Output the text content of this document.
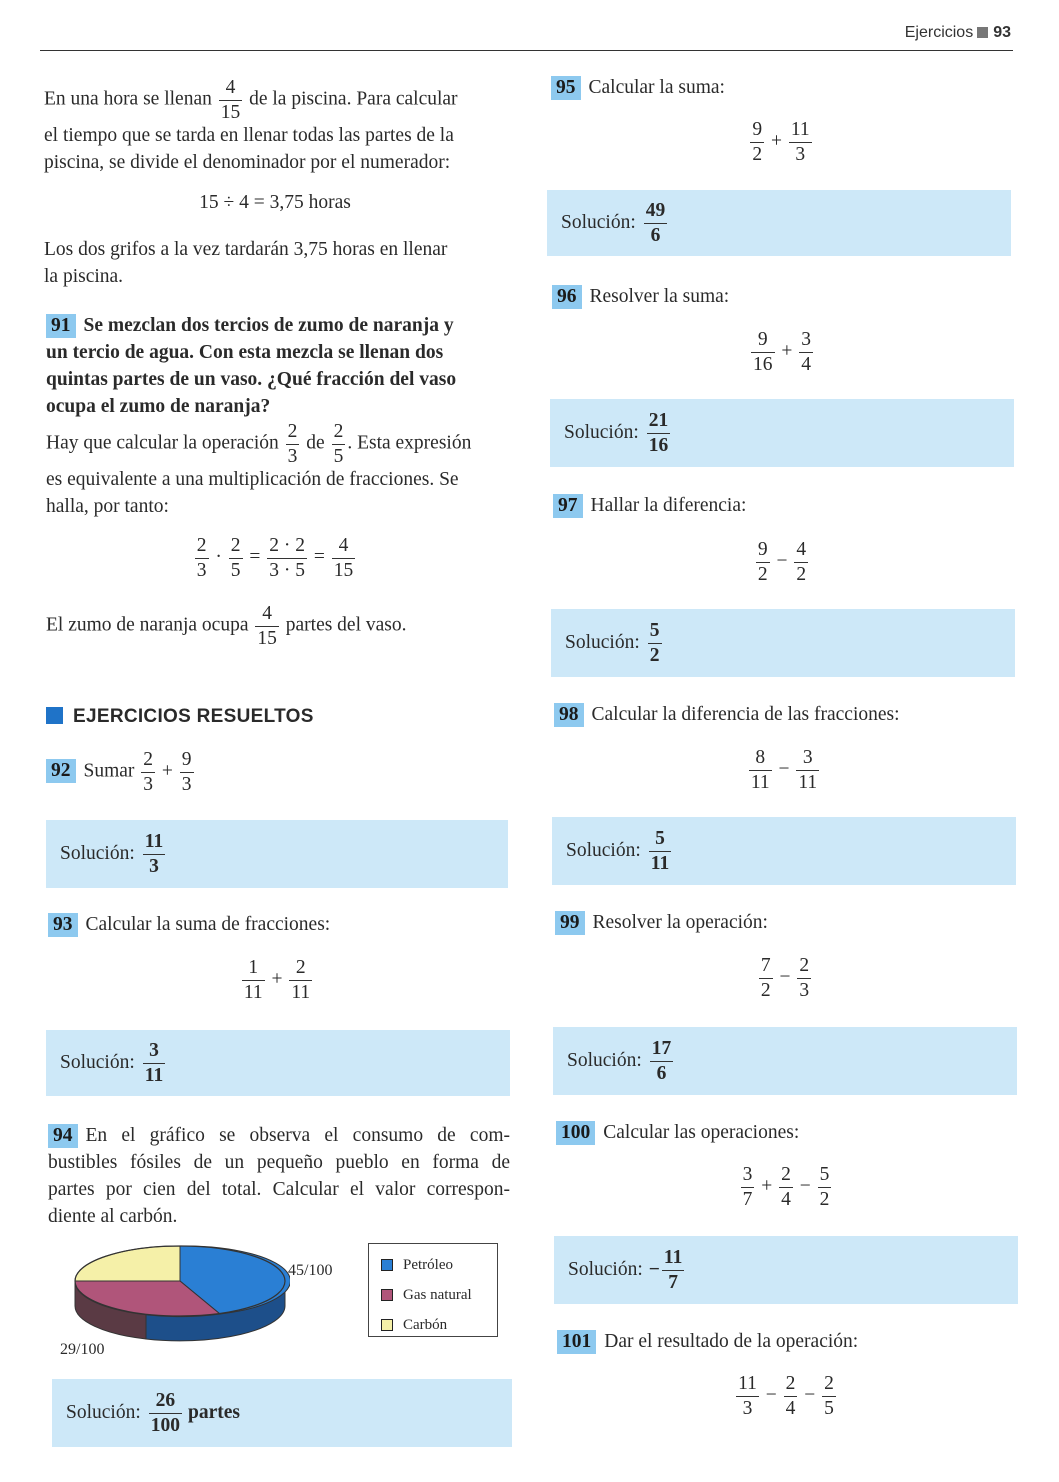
Ejercicios 93
En una hora se llenan $\frac{4}{15}$ de la piscina. Para calcular
el tiempo que se tarda en llenar todas las partes de la
piscina, se divide el denominador por el numerador:
15 ÷ 4 = 3,75 horas
Los dos grifos a la vez tardarán 3,75 horas en llenar
la piscina.
91 Se mezclan dos tercios de zumo de naranja y
un tercio de agua. Con esta mezcla se llenan dos
quintas partes de un vaso. ¿Qué fracción del vaso
ocupa el zumo de naranja?
Hay que calcular la operación $\frac{2}{3}$ de $\frac{2}{5}$ . Esta expresión
es equivalente a una multiplicación de fracciones. Se
halla, por tanto:
$\frac{2}{3} \cdot \frac{2}{5} = \frac{2 \cdot 2}{3 \cdot 5} = \frac{4}{15}$
El zumo de naranja ocupa $\frac{4}{15}$ partes del vaso.
EJERCICIOS RESUELTOS
92 Sumar $\frac{2}{3} + \frac{9}{3}$
Solución: $\frac{11}{3}$
93 Calcular la suma de fracciones:
$\frac{1}{11} + \frac{2}{11}$
Solución: $\frac{3}{11}$
94 En el gráfico se observa el consumo de com-
bustibles fósiles de un pequeño pueblo en forma de
partes por cien del total. Calcular el valor correspon-
diente al carbón.
45/100
29/100
Petróleo
Gas natural
Carbón
Solución: $\frac{26}{100}$ partes
95 Calcular la suma:
$\frac{9}{2} + \frac{11}{3}$
Solución: $\frac{49}{6}$
96 Resolver la suma:
$\frac{9}{16} + \frac{3}{4}$
Solución: $\frac{21}{16}$
97 Hallar la diferencia:
$\frac{9}{2} - \frac{4}{2}$
Solución: $\frac{5}{2}$
98 Calcular la diferencia de las fracciones:
$\frac{8}{11} - \frac{3}{11}$
Solución: $\frac{5}{11}$
99 Resolver la operación:
$\frac{7}{2} - \frac{2}{3}$
Solución: $\frac{17}{6}$
100 Calcular las operaciones:
$\frac{3}{7} + \frac{2}{4} - \frac{5}{2}$
Solución: − $\frac{11}{7}$
101 Dar el resultado de la operación:
$\frac{11}{3} - \frac{2}{4} - \frac{2}{5}$
